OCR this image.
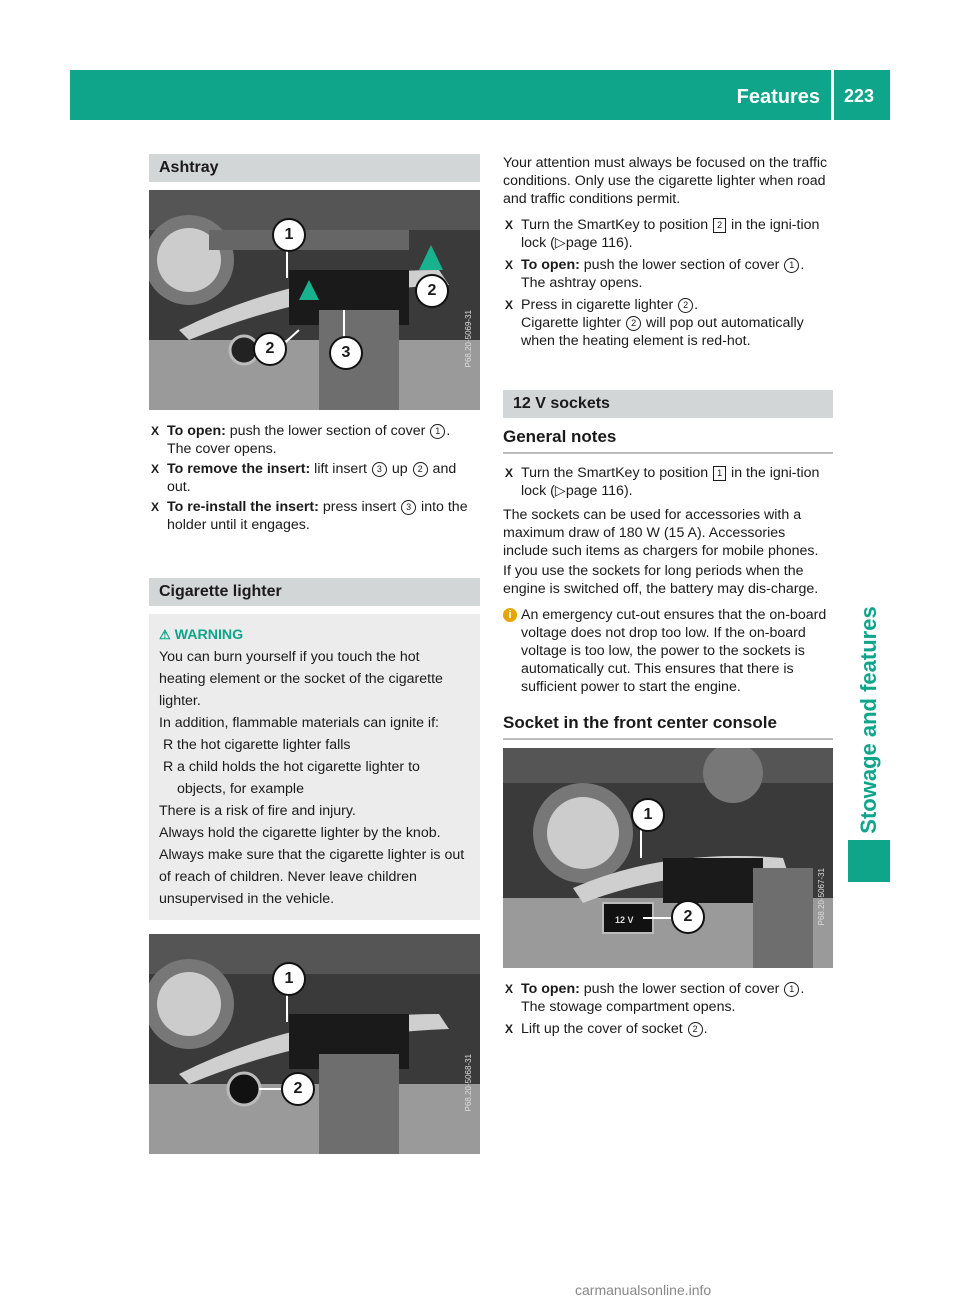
Features 223
Stowage and features
Ashtray
1
2
2	3	P68.20-5069-31

X To open: push the lower section of cover 1 .
The cover opens.

X To remove the insert: lift insert 3 up 2 and out.

X To re-install the insert: press insert 3 into the holder until it engages.

Cigarette lighter
⚠ WARNING

You can burn yourself if you touch the hot heating element or the socket of the cigarette lighter.

In addition, flammable materials can ignite if:

R the hot cigarette lighter falls
R a child holds the hot cigarette lighter to objects, for example

There is a risk of fire and injury.

Always hold the cigarette lighter by the knob. Always make sure that the cigarette lighter is out of reach of children. Never leave children unsupervised in the vehicle.

1
2	P68.20-5068-31

Your attention must always be focused on the traffic conditions. Only use the cigarette lighter when road and traffic conditions permit.

X Turn the SmartKey to position 2 in the igni-tion lock (▷page 116).

X To open: push the lower section of cover 1 .
The ashtray opens.

X Press in cigarette lighter 2 .
Cigarette lighter 2 will pop out automatically when the heating element is red-hot.

12 V sockets
General notes

X Turn the SmartKey to position 1 in the igni-tion lock (▷page 116).

The sockets can be used for accessories with a maximum draw of 180 W (15 A). Accessories include such items as chargers for mobile phones.

If you use the sockets for long periods when the engine is switched off, the battery may dis-charge.

i An emergency cut-out ensures that the on-board voltage does not drop too low. If the on-board voltage is too low, the power to the sockets is automatically cut. This ensures that there is sufficient power to start the engine.

Socket in the front center console
1
2
12 V	P68.20-5067-31

X To open: push the lower section of cover 1 .
The stowage compartment opens.

X Lift up the cover of socket 2 .

carmanualsonline.info
